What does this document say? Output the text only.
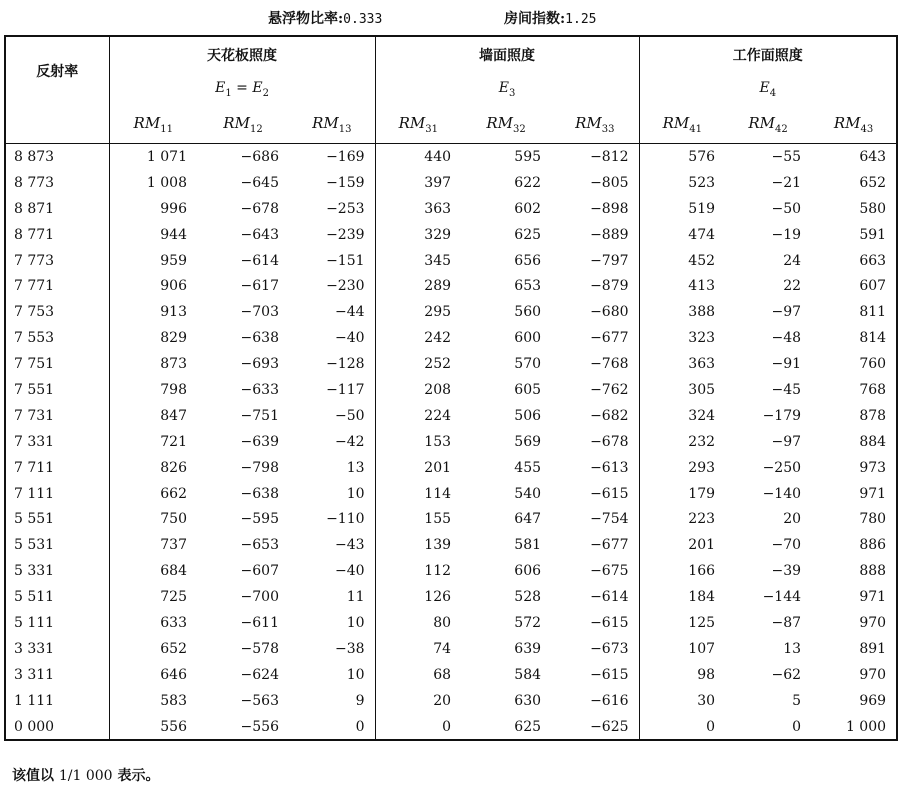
悬浮物比率:0.333	房间指数:1.25
反射率	天花板照度			墙面照度			工作面照度		
	$E_1 = E_2$			$E_3$			$E_4$
	$RM_{11}$	$RM_{12}$	$RM_{13}$	$RM_{31}$	$RM_{32}$	$RM_{33}$	$RM_{41}$	$RM_{42}$	$RM_{43}$
8 873	1 071	−686	−169	440	595	−812	576	−55	643
8 773	1 008	−645	−159	397	622	−805	523	−21	652
8 871	996	−678	−253	363	602	−898	519	−50	580
8 771	944	−643	−239	329	625	−889	474	−19	591
7 773	959	−614	−151	345	656	−797	452	24	663
7 771	906	−617	−230	289	653	−879	413	22	607
7 753	913	−703	−44	295	560	−680	388	−97	811
7 553	829	−638	−40	242	600	−677	323	−48	814
7 751	873	−693	−128	252	570	−768	363	−91	760
7 551	798	−633	−117	208	605	−762	305	−45	768
7 731	847	−751	−50	224	506	−682	324	−179	878
7 331	721	−639	−42	153	569	−678	232	−97	884
7 711	826	−798	13	201	455	−613	293	−250	973
7 111	662	−638	10	114	540	−615	179	−140	971
5 551	750	−595	−110	155	647	−754	223	20	780
5 531	737	−653	−43	139	581	−677	201	−70	886
5 331	684	−607	−40	112	606	−675	166	−39	888
5 511	725	−700	11	126	528	−614	184	−144	971
5 111	633	−611	10	80	572	−615	125	−87	970
3 331	652	−578	−38	74	639	−673	107	13	891
3 311	646	−624	10	68	584	−615	98	−62	970
1 111	583	−563	9	20	630	−616	30	5	969
0 000	556	−556	0	0	625	−625	0	0	1 000
该值以 1/1 000 表示。
